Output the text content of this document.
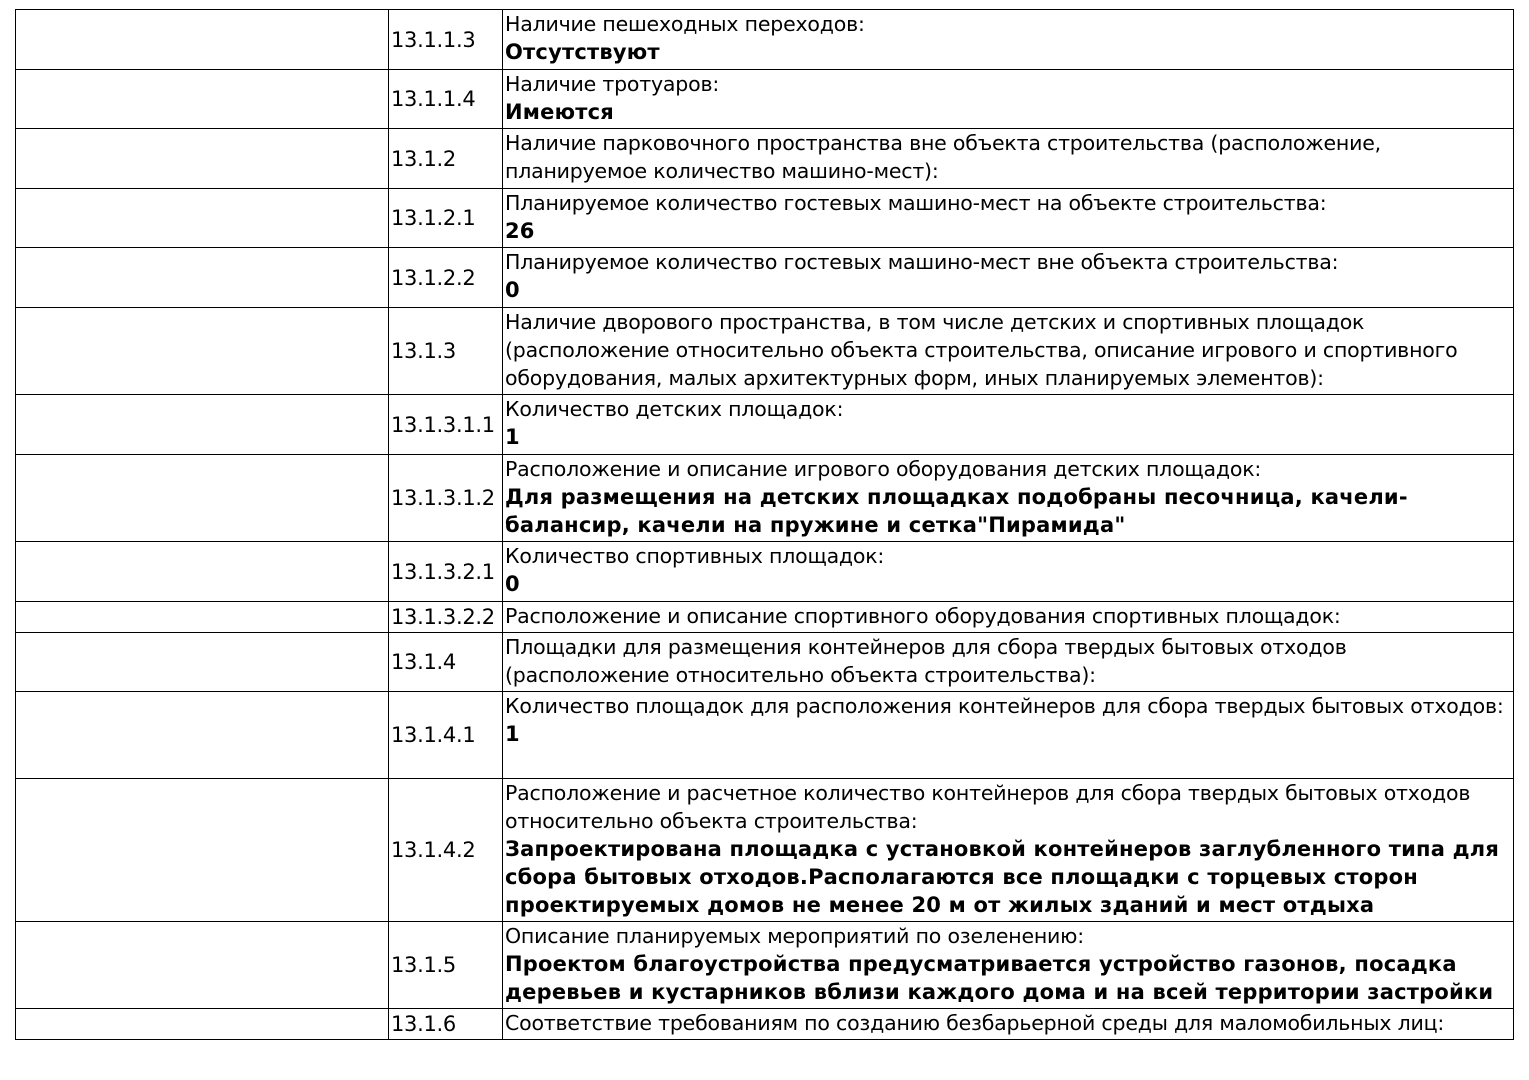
	13.1.1.3	Наличие пешеходных переходов:
Отсутствуют

	13.1.1.4	Наличие тротуаров:
Имеются

	13.1.2	Наличие парковочного пространства вне объекта строительства (расположение, планируемое количество машино-мест):

	13.1.2.1	Планируемое количество гостевых машино-мест на объекте строительства:
26

	13.1.2.2	Планируемое количество гостевых машино-мест вне объекта строительства:
0

	13.1.3	Наличие дворового пространства, в том числе детских и спортивных площадок (расположение относительно объекта строительства, описание игрового и спортивного оборудования, малых архитектурных форм, иных планируемых элементов):

	13.1.3.1.1	Количество детских площадок:
1

	13.1.3.1.2	Расположение и описание игрового оборудования детских площадок:
Для размещения на детских площадках подобраны песочница, качели-балансир, качели на пружине и сетка"Пирамида"

	13.1.3.2.1	Количество спортивных площадок:
0

	13.1.3.2.2	Расположение и описание спортивного оборудования спортивных площадок:

	13.1.4	Площадки для размещения контейнеров для сбора твердых бытовых отходов (расположение относительно объекта строительства):

	13.1.4.1	Количество площадок для расположения контейнеров для сбора твердых бытовых отходов:
1

	13.1.4.2	Расположение и расчетное количество контейнеров для сбора твердых бытовых отходов относительно объекта строительства:
Запроектирована площадка с установкой контейнеров заглубленного типа для сбора бытовых отходов.Располагаются все площадки с торцевых сторон проектируемых домов не менее 20 м от жилых зданий и мест отдыха

	13.1.5	Описание планируемых мероприятий по озеленению:
Проектом благоустройства предусматривается устройство газонов, посадка деревьев и кустарников вблизи каждого дома и на всей территории застройки

	13.1.6	Соответствие требованиям по созданию безбарьерной среды для маломобильных лиц:
